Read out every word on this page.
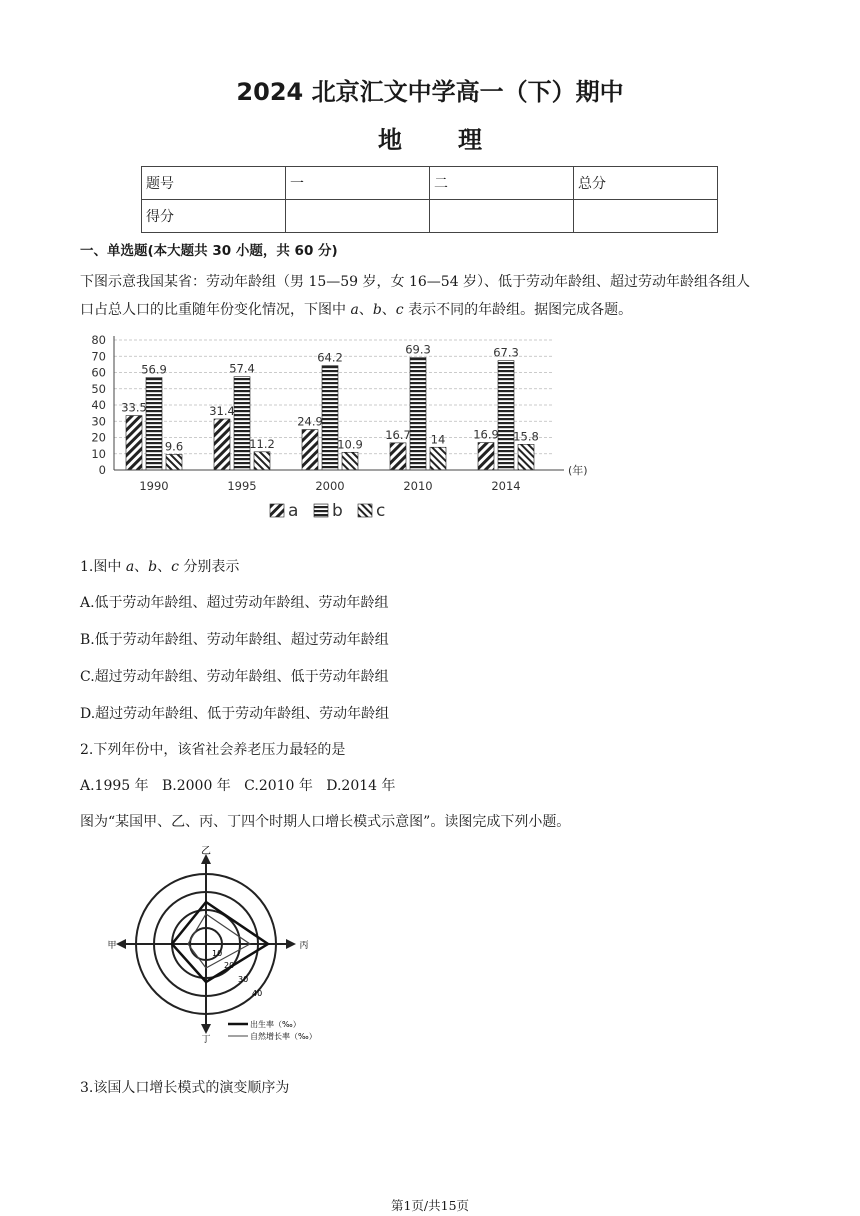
2024 北京汇文中学高一（下）期中
地 理
题号	一	二	总分
得分			
一、单选题(本大题共 30 小题，共 60 分)
下图示意我国某省：劳动年龄组（男 15—59 岁，女 16—54 岁）、低于劳动年龄组、超过劳动年龄组各组人
口占总人口的比重随年份变化情况，下图中 a、b、c 表示不同的年龄组。据图完成各题。
33.5
56.9
9.6
31.4
57.4
11.2
24.9
64.2
10.9
16.7
69.3
14 16.9
67.3
15.8
0
10
20
30
40
50
60
70
80
(年)
1990	1995	2000	2010	2014
a b c
1.图中 a、b、c 分别表示
A.低于劳动年龄组、超过劳动年龄组、劳动年龄组
B.低于劳动年龄组、劳动年龄组、超过劳动年龄组
C.超过劳动年龄组、劳动年龄组、低于劳动年龄组
D.超过劳动年龄组、低于劳动年龄组、劳动年龄组
2.下列年份中，该省社会养老压力最轻的是
A.1995 年   B.2000 年   C.2010 年   D.2014 年
图为“某国甲、乙、丙、丁四个时期人口增长模式示意图”。读图完成下列小题。
乙
甲	丙
丁
10
20
30
40
出生率（‰）
自然增长率（‰）
3.该国人口增长模式的演变顺序为
第1页/共15页
